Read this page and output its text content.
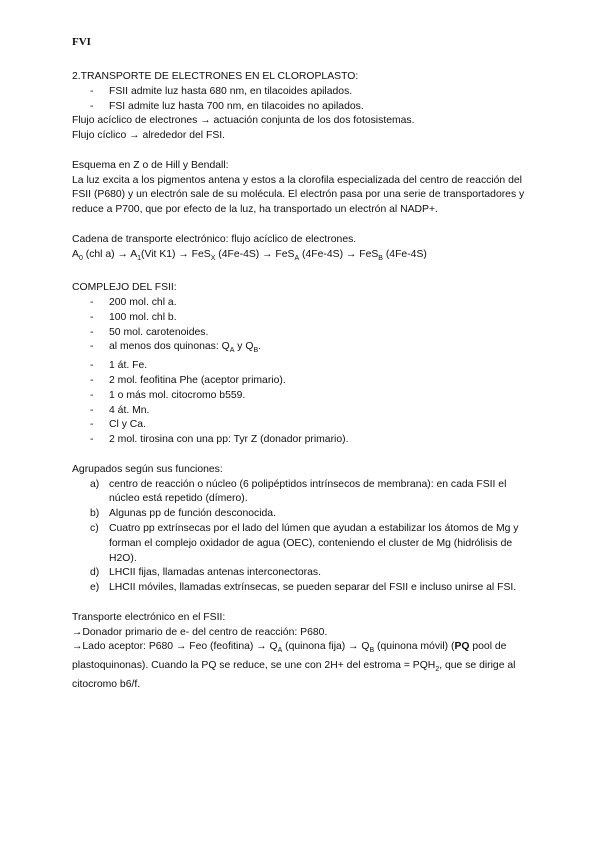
FVI

2.TRANSPORTE DE ELECTRONES EN EL CLOROPLASTO:

- FSII admite luz hasta 680 nm, en tilacoides apilados.
- FSI admite luz hasta 700 nm, en tilacoides no apilados.

Flujo acíclico de electrones → actuación conjunta de los dos fotosistemas.

Flujo cíclico → alrededor del FSI.

Esquema en Z o de Hill y Bendall:

La luz excita a los pigmentos antena y estos a la clorofila especializada del centro de reacción del FSII (P680) y un electrón sale de su molécula. El electrón pasa por una serie de transportadores y reduce a P700, que por efecto de la luz, ha transportado un electrón al NADP+.

Cadena de transporte electrónico: flujo acíclico de electrones.

$A_0$ (chl $a) \to A_1(Vit$ K1) → FeS$_X$ (4Fe-4S) → FeS$_A$ (4Fe-4S) → FeS$_B$ (4Fe-4S)

COMPLEJO DEL FSII:

- 200 mol. chl a.
- 100 mol. chl b.
- 50 mol. carotenoides.
- al menos dos quinonas: $Q_A$ y $Q_B$.
- 1 át. Fe.
- 2 mol. feofitina Phe (aceptor primario).
- 1 o más mol. citocromo b559.
- 4 át. Mn.
- Cl y Ca.
- 2 mol. tirosina con una pp: Tyr Z (donador primario).

Agrupados según sus funciones:

a) centro de reacción o núcleo (6 polipéptidos intrínsecos de membrana): en cada FSII el núcleo está repetido (dímero).
b) Algunas pp de función desconocida.
c) Cuatro pp extrínsecas por el lado del lúmen que ayudan a estabilizar los átomos de Mg y forman el complejo oxidador de agua (OEC), conteniendo el cluster de Mg (hidrólisis de H2O).
d) LHCII fijas, llamadas antenas interconectoras.
e) LHCII móviles, llamadas extrínsecas, se pueden separar del FSII e incluso unirse al FSI.

Transporte electrónico en el FSII:

→Donador primario de e- del centro de reacción: P680.

→Lado aceptor: P680 → Feo (feofitina) → $Q_A$ (quinona fija) → $Q_B$ (quinona móvil) (PQ pool de plastoquinonas). Cuando la PQ se reduce, se une con 2H+ del estroma = $PQH_2$, que se dirige al citocromo b6/f.
